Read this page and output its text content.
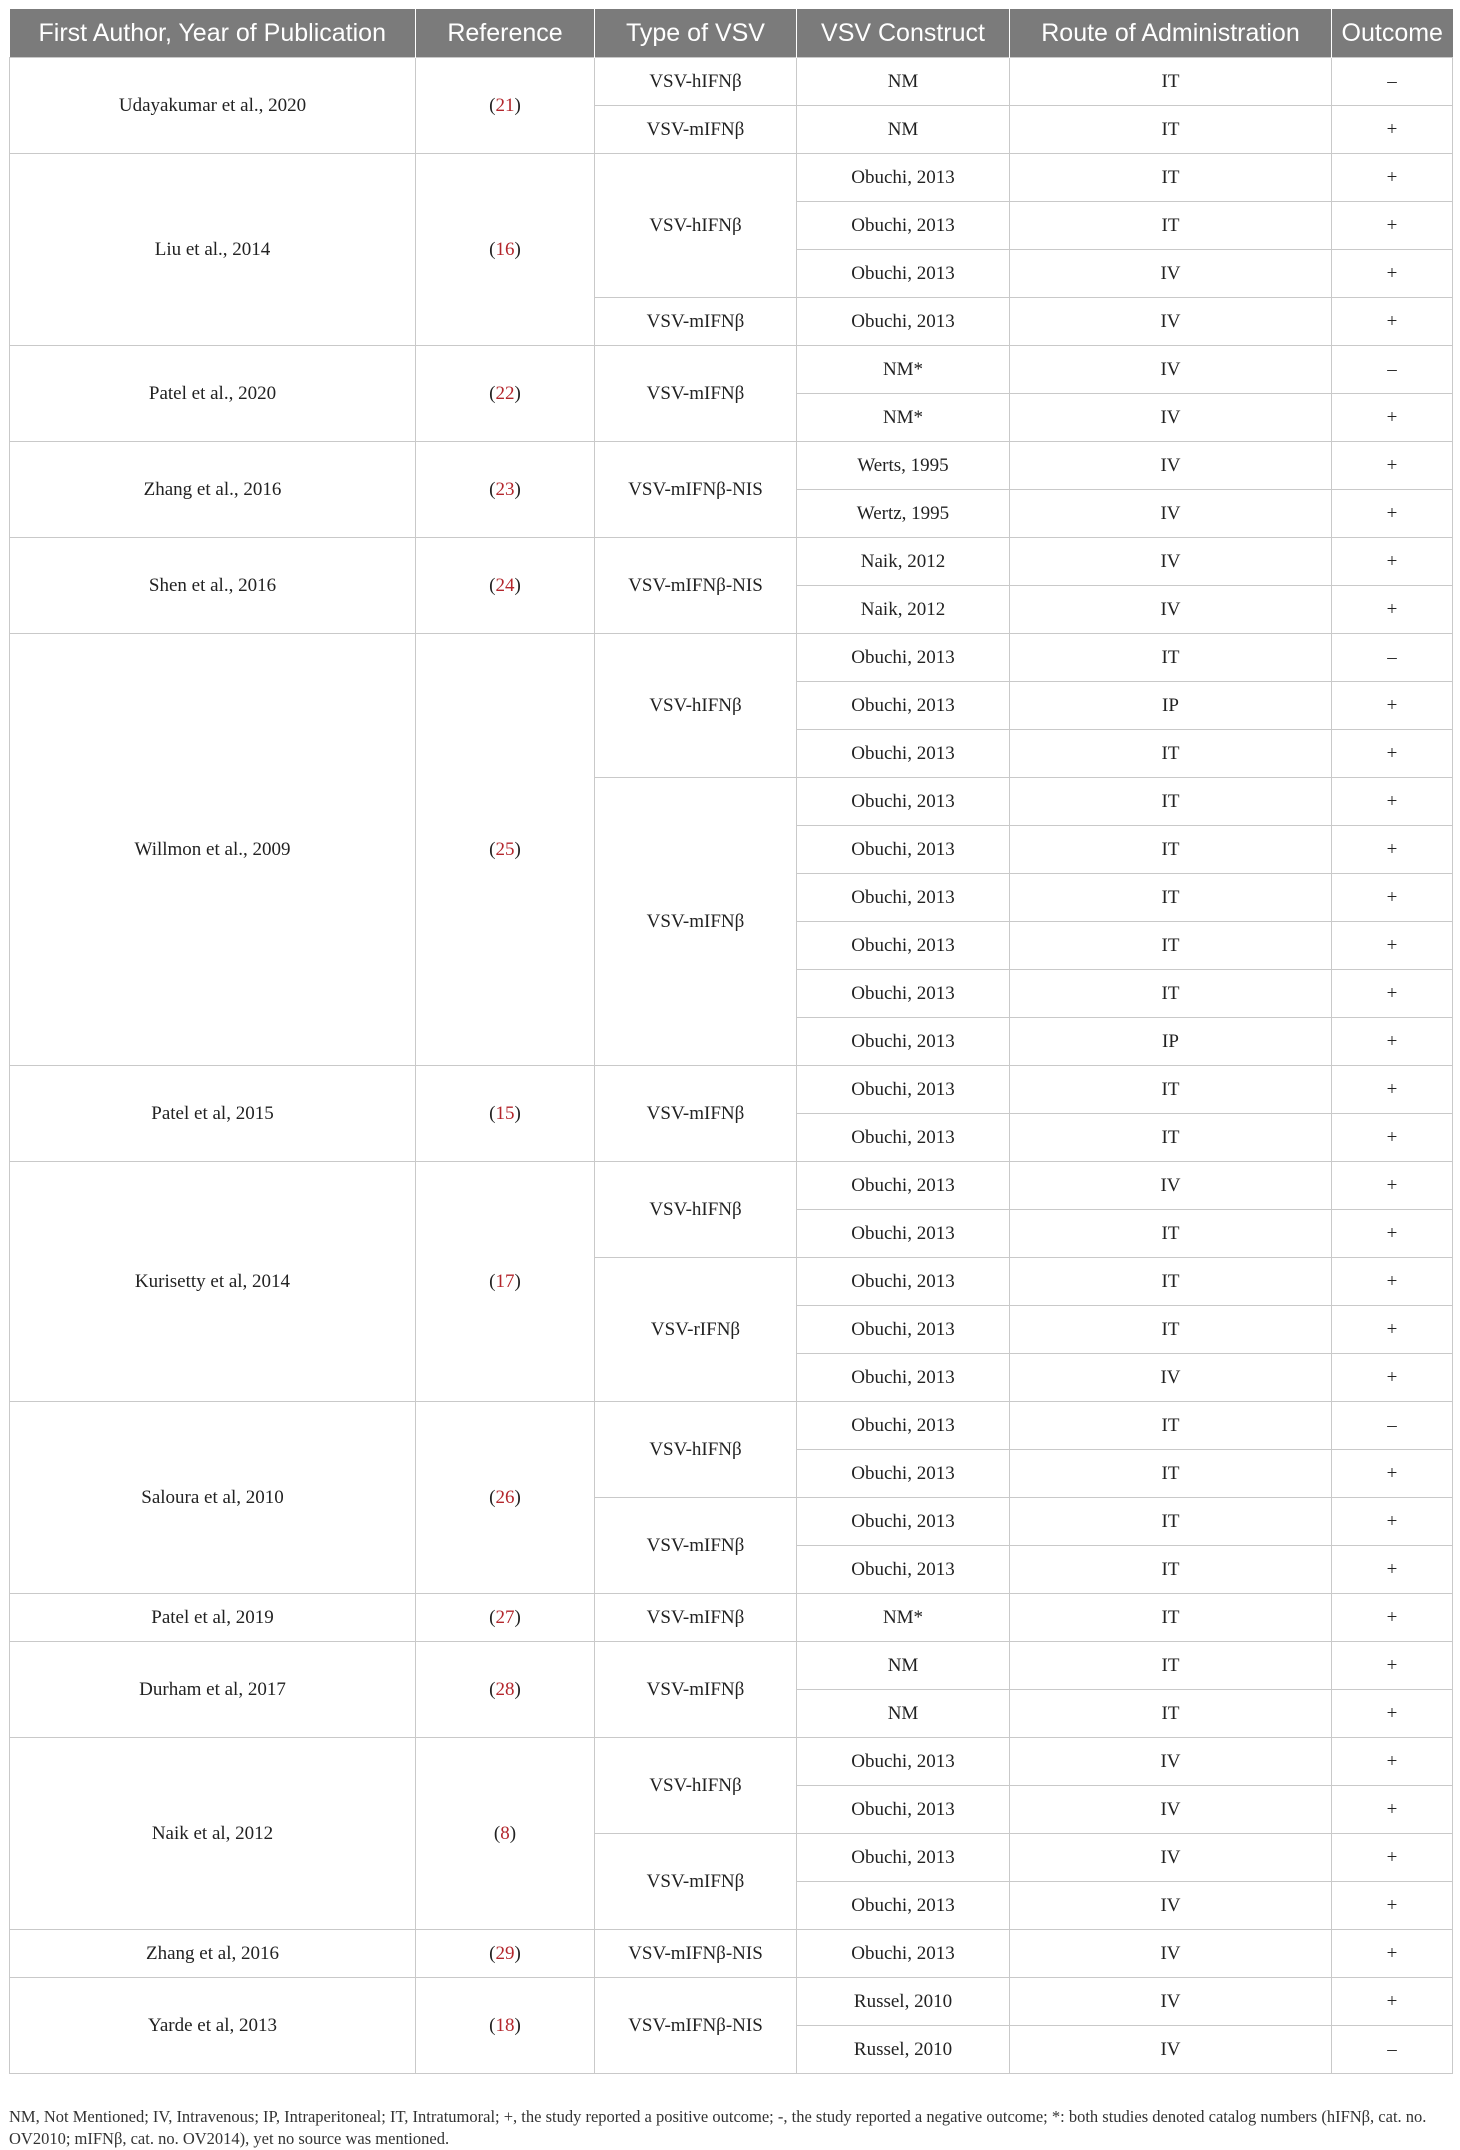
First Author, Year of Publication	Reference	Type of VSV	VSV Construct	Route of Administration	Outcome
Udayakumar et al., 2020	(21)	VSV-hIFNβ	NM	IT	–
		VSV-mIFNβ	NM	IT	+
Liu et al., 2014	(16)	VSV-hIFNβ	Obuchi, 2013	IT	+
			Obuchi, 2013	IT	+
			Obuchi, 2013	IV	+
		VSV-mIFNβ	Obuchi, 2013	IV	+
Patel et al., 2020	(22)	VSV-mIFNβ	NM*	IV	–
			NM*	IV	+
Zhang et al., 2016	(23)	VSV-mIFNβ-NIS	Werts, 1995	IV	+
			Wertz, 1995	IV	+
Shen et al., 2016	(24)	VSV-mIFNβ-NIS	Naik, 2012	IV	+
			Naik, 2012	IV	+
Willmon et al., 2009	(25)	VSV-hIFNβ	Obuchi, 2013	IT	–
			Obuchi, 2013	IP	+
			Obuchi, 2013	IT	+
		VSV-mIFNβ	Obuchi, 2013	IT	+
			Obuchi, 2013	IT	+
			Obuchi, 2013	IT	+
			Obuchi, 2013	IT	+
			Obuchi, 2013	IT	+
			Obuchi, 2013	IP	+
Patel et al, 2015	(15)	VSV-mIFNβ	Obuchi, 2013	IT	+
			Obuchi, 2013	IT	+
Kurisetty et al, 2014	(17)	VSV-hIFNβ	Obuchi, 2013	IV	+
			Obuchi, 2013	IT	+
		VSV-rIFNβ	Obuchi, 2013	IT	+
			Obuchi, 2013	IT	+
			Obuchi, 2013	IV	+
Saloura et al, 2010	(26)	VSV-hIFNβ	Obuchi, 2013	IT	–
			Obuchi, 2013	IT	+
		VSV-mIFNβ	Obuchi, 2013	IT	+
			Obuchi, 2013	IT	+
Patel et al, 2019	(27)	VSV-mIFNβ	NM*	IT	+
Durham et al, 2017	(28)	VSV-mIFNβ	NM	IT	+
			NM	IT	+
Naik et al, 2012	(8)	VSV-hIFNβ	Obuchi, 2013	IV	+
			Obuchi, 2013	IV	+
		VSV-mIFNβ	Obuchi, 2013	IV	+
			Obuchi, 2013	IV	+
Zhang et al, 2016	(29)	VSV-mIFNβ-NIS	Obuchi, 2013	IV	+
Yarde et al, 2013	(18)	VSV-mIFNβ-NIS	Russel, 2010	IV	+
			Russel, 2010	IV	–
NM, Not Mentioned; IV, Intravenous; IP, Intraperitoneal; IT, Intratumoral; +, the study reported a positive outcome; -, the study reported a negative outcome; *: both studies denoted catalog numbers (hIFNβ, cat. no. OV2010; mIFNβ, cat. no. OV2014), yet no source was mentioned.
